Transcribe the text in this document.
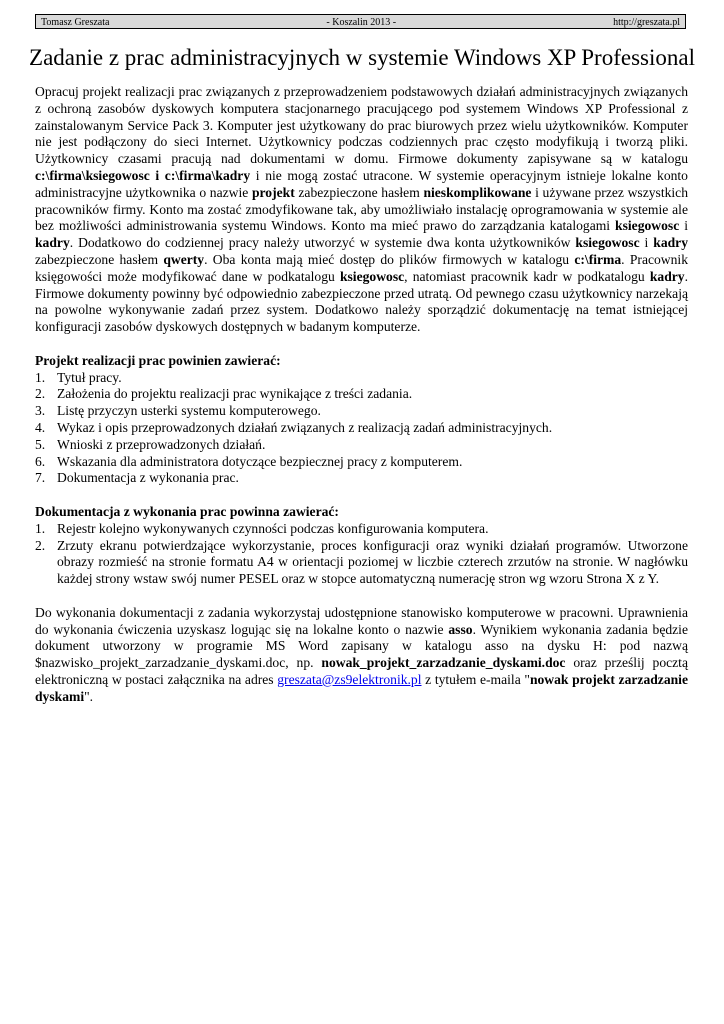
Tomasz Greszata	- Koszalin 2013 -	http://greszata.pl
Zadanie z prac administracyjnych w systemie Windows XP Professional

Opracuj projekt realizacji prac związanych z przeprowadzeniem podstawowych działań administracyjnych związanych z ochroną zasobów dyskowych komputera stacjonarnego pracującego pod systemem Windows XP Professional z zainstalowanym Service Pack 3. Komputer jest użytkowany do prac biurowych przez wielu użytkowników. Komputer nie jest podłączony do sieci Internet. Użytkownicy podczas codziennych prac często modyfikują i tworzą pliki. Użytkownicy czasami pracują nad dokumentami w domu. Firmowe dokumenty zapisywane są w katalogu c:\firma\ksiegowosc i c:\firma\kadry i nie mogą zostać utracone. W systemie operacyjnym istnieje lokalne konto administracyjne użytkownika o nazwie projekt zabezpieczone hasłem nieskomplikowane i używane przez wszystkich pracowników firmy. Konto ma zostać zmodyfikowane tak, aby umożliwiało instalację oprogramowania w systemie ale bez możliwości administrowania systemu Windows. Konto ma mieć prawo do zarządzania katalogami ksiegowosc i kadry. Dodatkowo do codziennej pracy należy utworzyć w systemie dwa konta użytkowników ksiegowosc i kadry zabezpieczone hasłem qwerty. Oba konta mają mieć dostęp do plików firmowych w katalogu c:\firma. Pracownik księgowości może modyfikować dane w podkatalogu ksiegowosc, natomiast pracownik kadr w podkatalogu kadry. Firmowe dokumenty powinny być odpowiednio zabezpieczone przed utratą. Od pewnego czasu użytkownicy narzekają na powolne wykonywanie zadań przez system. Dodatkowo należy sporządzić dokumentację na temat istniejącej konfiguracji zasobów dyskowych dostępnych w badanym komputerze.

Projekt realizacji prac powinien zawierać:

1. Tytuł pracy.
2. Założenia do projektu realizacji prac wynikające z treści zadania.
3. Listę przyczyn usterki systemu komputerowego.
4. Wykaz i opis przeprowadzonych działań związanych z realizacją zadań administracyjnych.
5. Wnioski z przeprowadzonych działań.
6. Wskazania dla administratora dotyczące bezpiecznej pracy z komputerem.
7. Dokumentacja z wykonania prac.

Dokumentacja z wykonania prac powinna zawierać:

1. Rejestr kolejno wykonywanych czynności podczas konfigurowania komputera.
2. Zrzuty ekranu potwierdzające wykorzystanie, proces konfiguracji oraz wyniki działań programów. Utworzone obrazy rozmieść na stronie formatu A4 w orientacji poziomej w liczbie czterech zrzutów na stronie. W nagłówku każdej strony wstaw swój numer PESEL oraz w stopce automatyczną numerację stron wg wzoru Strona X z Y.

Do wykonania dokumentacji z zadania wykorzystaj udostępnione stanowisko komputerowe w pracowni. Uprawnienia do wykonania ćwiczenia uzyskasz logując się na lokalne konto o nazwie asso. Wynikiem wykonania zadania będzie dokument utworzony w programie MS Word zapisany w katalogu asso na dysku H: pod nazwą $nazwisko_projekt_zarzadzanie_dyskami.doc, np. nowak_projekt_zarzadzanie_dyskami.doc oraz prześlij pocztą elektroniczną w postaci załącznika na adres greszata@zs9elektronik.pl z tytułem e-maila "nowak projekt zarzadzanie dyskami".
